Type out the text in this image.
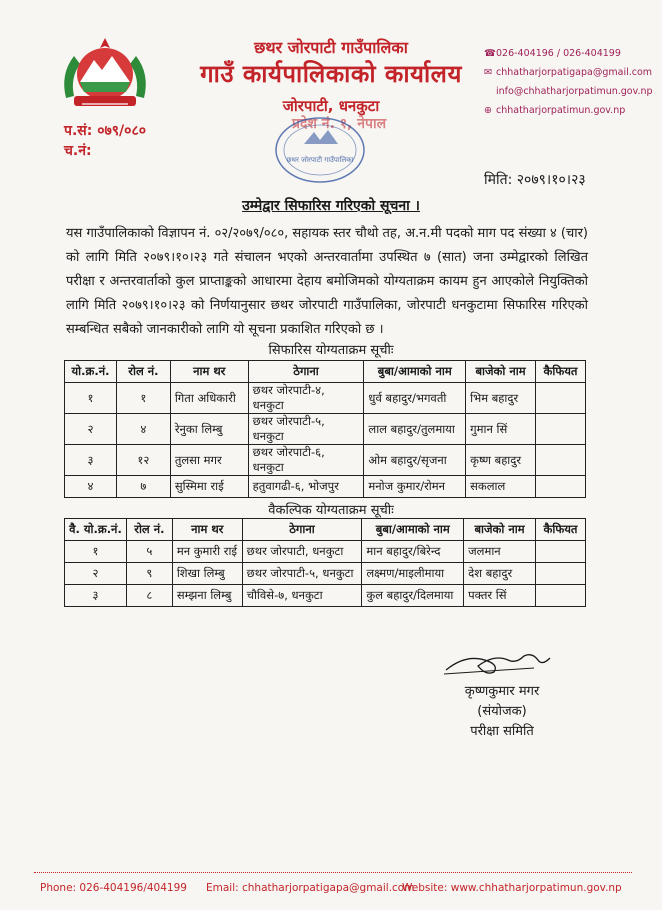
छथर जोरपाटी गाउँपालिका
गाउँ कार्यपालिकाको कार्यालय
जोरपाटी, धनकुटा
प्रदेश नं. १, नेपाल
☎026-404196 / 026-404199
✉ chhatharjorpatigapa@gmail.com
info@chhatharjorpatimun.gov.np
⊕ chhatharjorpatimun.gov.np
प.सं: ०७९/०८०
च.नं:
छथर जोरपाटी गाउँपालिका
मिति: २०७९।१०।२३
उम्मेद्वार सिफारिस गरिएको सूचना ।

यस गाउँपालिकाको विज्ञापन नं. ०२/२०७९/०८०, सहायक स्तर चौथो तह, अ.न.मी पदको माग पद संख्या ४ (चार) को लागि मिति २०७९।१०।२३ गते संचालन भएको अन्तरवार्तामा उपस्थित ७ (सात) जना उम्मेद्वारको लिखित परीक्षा र अन्तरवार्ताको कुल प्राप्ताङ्कको आधारमा देहाय बमोजिमको योग्यताक्रम कायम हुन आएकोले नियुक्तिको लागि मिति २०७९।१०।२३ को निर्णयानुसार छथर जोरपाटी गाउँपालिका, जोरपाटी धनकुटामा सिफारिस गरिएको सम्बन्धित सबैको जानकारीको लागि यो सूचना प्रकाशित गरिएको छ ।

सिफारिस योग्यताक्रम सूचीः
यो.क्र.नं.	रोल नं.	नाम थर	ठेगाना	बुबा/आमाको नाम	बाजेको नाम	कैफियत
१	१	गिता अधिकारी	छथर जोरपाटी-४, धनकुटा	धुर्व बहादुर/भगवती	भिम बहादुर	
२	४	रेनुका लिम्बु	छथर जोरपाटी-५, धनकुटा	लाल बहादुर/तुलमाया	गुमान सिं	
३	१२	तुलसा मगर	छथर जोरपाटी-६, धनकुटा	ओम बहादुर/सृजना	कृष्ण बहादुर	
४	७	सुस्मिमा राई	हतुवागढी-६, भोजपुर	मनोज कुमार/रोमन	सकलाल	
वैकल्पिक योग्यताक्रम सूचीः
वै. यो.क्र.नं.	रोल नं.	नाम थर	ठेगाना	बुबा/आमाको नाम	बाजेको नाम	कैफियत
१	५	मन कुमारी राई	छथर जोरपाटी, धनकुटा	मान बहादुर/बिरेन्द	जलमान	
२	९	शिखा लिम्बु	छथर जोरपाटी-५, धनकुटा	लक्ष्मण/माइलीमाया	देश बहादुर	
३	८	सम्झना लिम्बु	चौविसे-७, धनकुटा	कुल बहादुर/दिलमाया	पक्तर सिं	
कृष्णकुमार मगर
(संयोजक)
परीक्षा समिति
Phone: 026-404196/404199 Email: chhatharjorpatigapa@gmail.com
Website: www.chhatharjorpatimun.gov.np
